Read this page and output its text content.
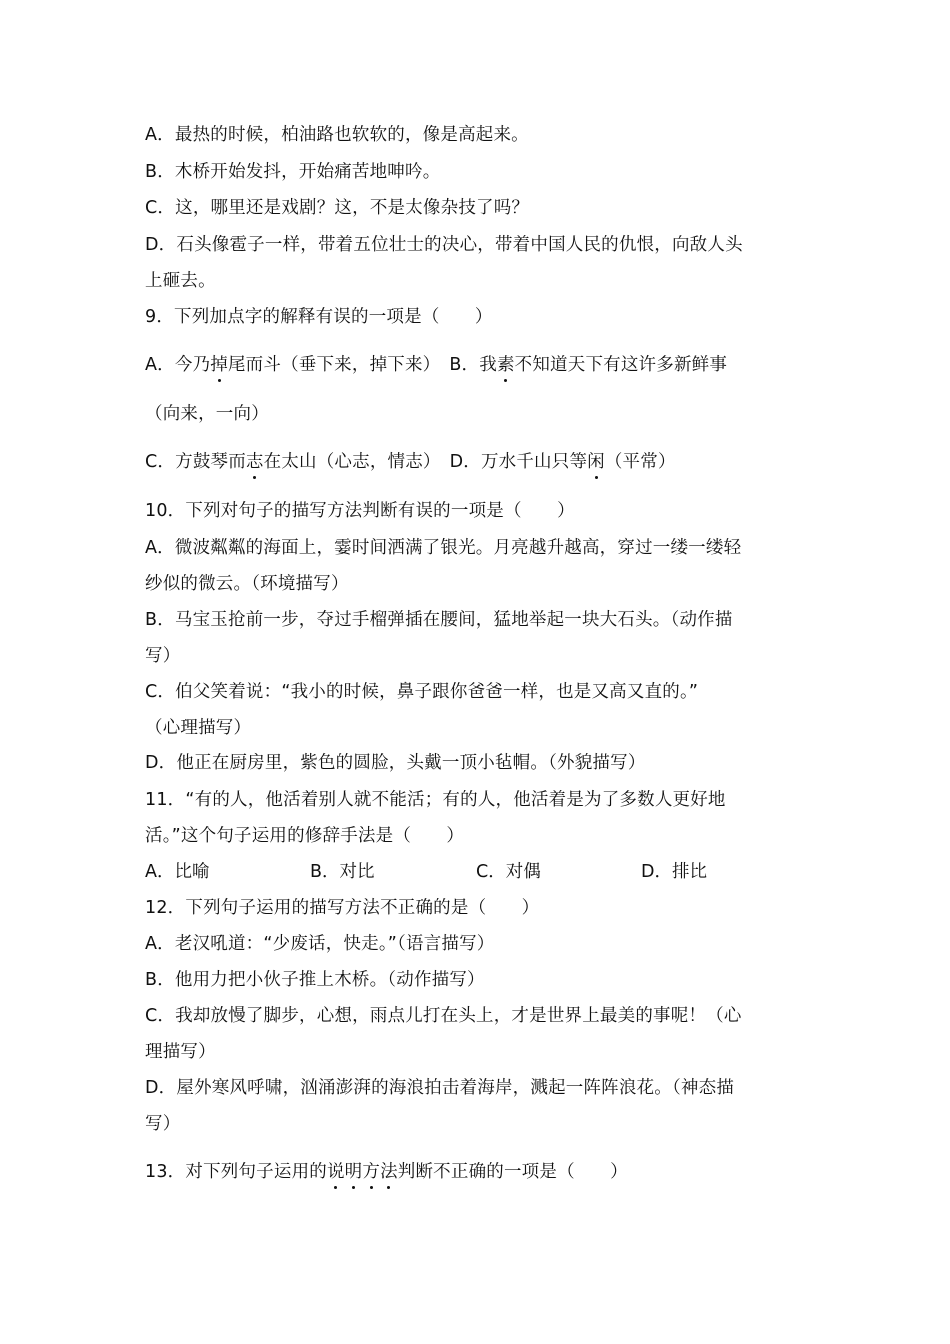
A．最热的时候，柏油路也软软的，像是高起来。
B．木桥开始发抖，开始痛苦地呻吟。
C．这，哪里还是戏剧？这，不是太像杂技了吗？
D．石头像雹子一样，带着五位壮士的决心，带着中国人民的仇恨，向敌人头
上砸去。
9．下列加点字的解释有误的一项是（　　）
A．今乃掉尾而斗（垂下来，掉下来）　B．我素不知道天下有这许多新鲜事
（向来，一向）
C．方鼓琴而志在太山（心志，情志）　D．万水千山只等闲（平常）
10．下列对句子的描写方法判断有误的一项是（　　）
A．微波粼粼的海面上，霎时间洒满了银光。月亮越升越高，穿过一缕一缕轻
纱似的微云。（环境描写）
B．马宝玉抢前一步，夺过手榴弹插在腰间，猛地举起一块大石头。（动作描
写）
C．伯父笑着说：“我小的时候，鼻子跟你爸爸一样，也是又高又直的。”
（心理描写）
D．他正在厨房里，紫色的圆脸，头戴一顶小毡帽。（外貌描写）
11．“有的人，他活着别人就不能活；有的人，他活着是为了多数人更好地
活。”这个句子运用的修辞手法是（　　）
A．比喻	B．对比	C．对偶	D．排比
12．下列句子运用的描写方法不正确的是（　　）
A．老汉吼道：“少废话，快走。”（语言描写）
B．他用力把小伙子推上木桥。（动作描写）
C．我却放慢了脚步，心想，雨点儿打在头上，才是世界上最美的事呢！（心
理描写）
D．屋外寒风呼啸，汹涌澎湃的海浪拍击着海岸，溅起一阵阵浪花。（神态描
写）
13．对下列句子运用的说明方法判断不正确的一项是（　　）
